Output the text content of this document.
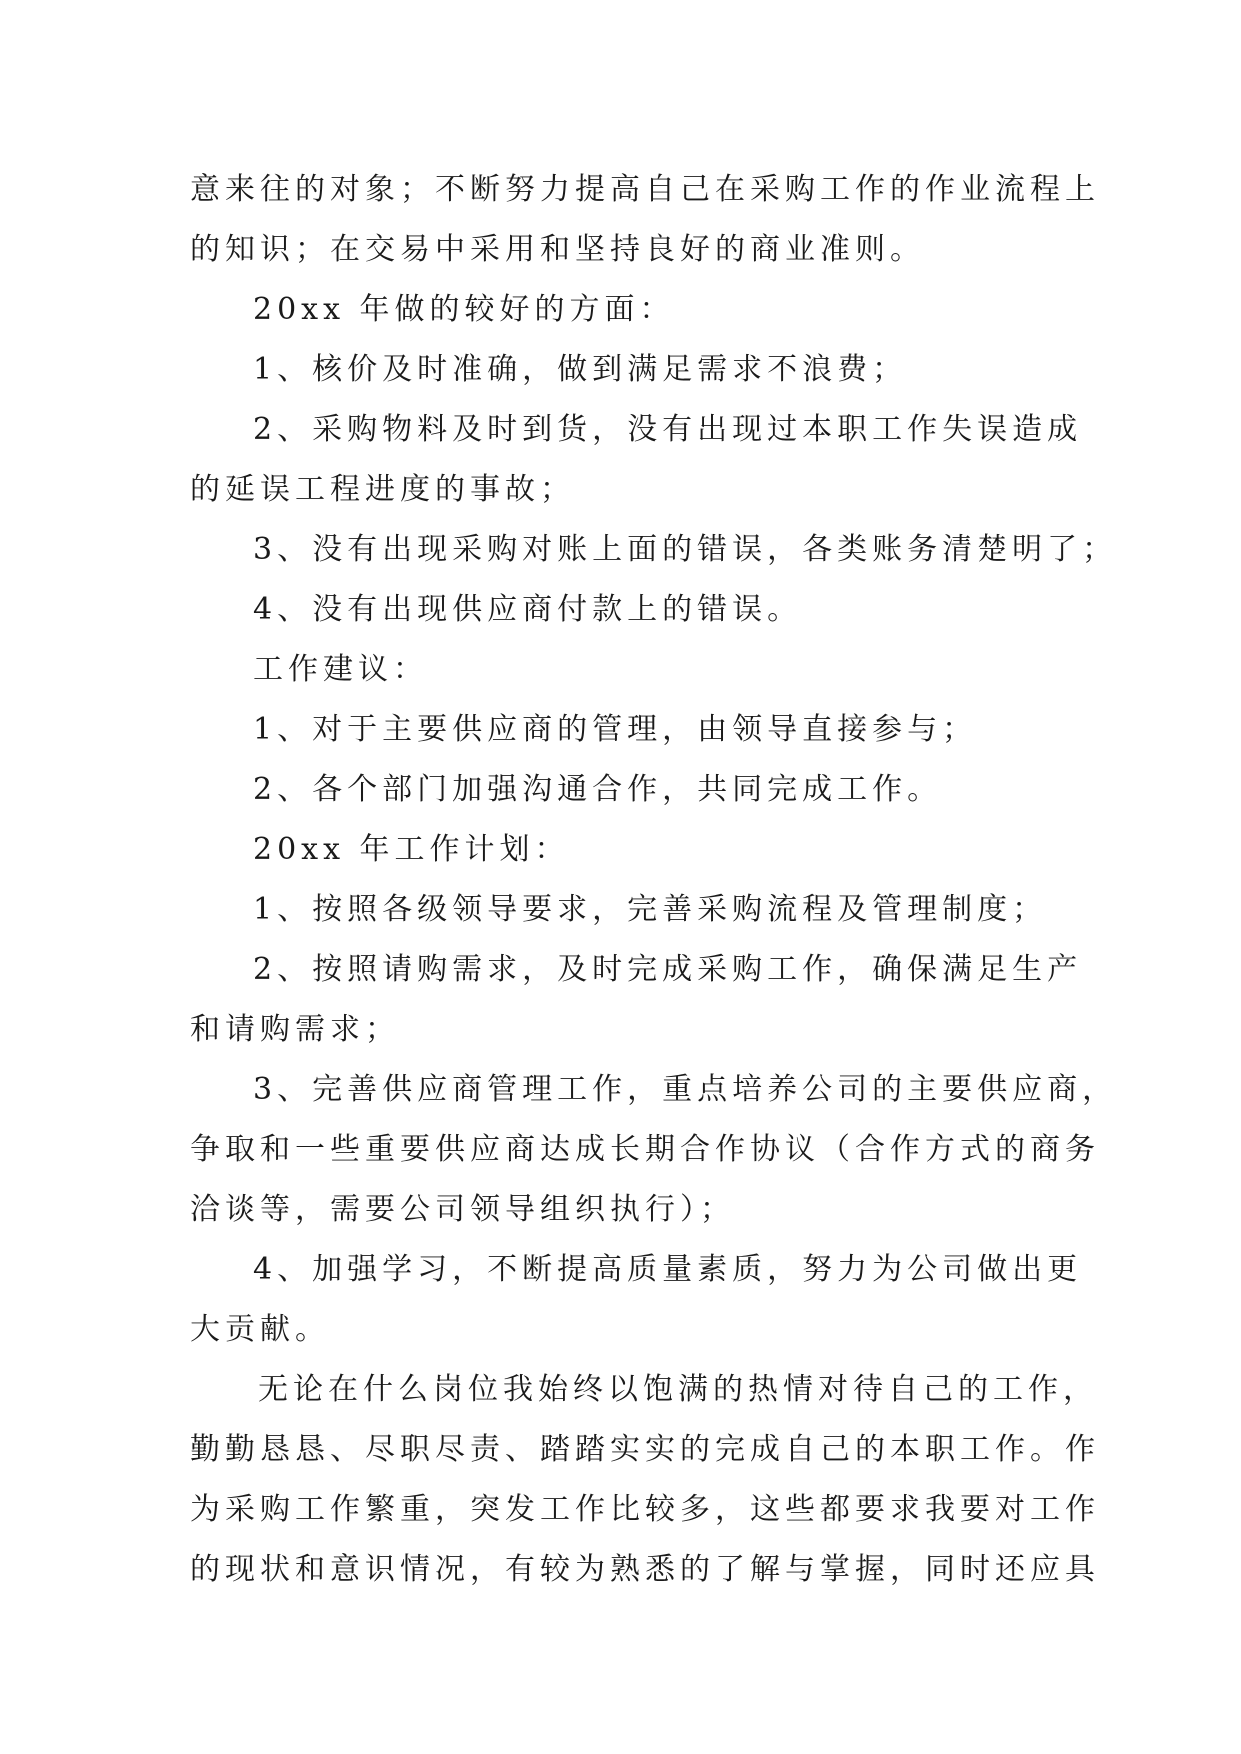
意来往的对象；不断努力提高自己在采购工作的作业流程上
的知识；在交易中采用和坚持良好的商业准则。
20xx 年做的较好的方面：
1、核价及时准确，做到满足需求不浪费；
2、采购物料及时到货，没有出现过本职工作失误造成
的延误工程进度的事故；
3、没有出现采购对账上面的错误，各类账务清楚明了；
4、没有出现供应商付款上的错误。
工作建议：
1、对于主要供应商的管理，由领导直接参与；
2、各个部门加强沟通合作，共同完成工作。
20xx 年工作计划：
1、按照各级领导要求，完善采购流程及管理制度；
2、按照请购需求，及时完成采购工作，确保满足生产
和请购需求；
3、完善供应商管理工作，重点培养公司的主要供应商，
争取和一些重要供应商达成长期合作协议（合作方式的商务
洽谈等，需要公司领导组织执行）；
4、加强学习，不断提高质量素质，努力为公司做出更
大贡献。
无论在什么岗位我始终以饱满的热情对待自己的工作，
勤勤恳恳、尽职尽责、踏踏实实的完成自己的本职工作。作
为采购工作繁重，突发工作比较多，这些都要求我要对工作
的现状和意识情况，有较为熟悉的了解与掌握，同时还应具
